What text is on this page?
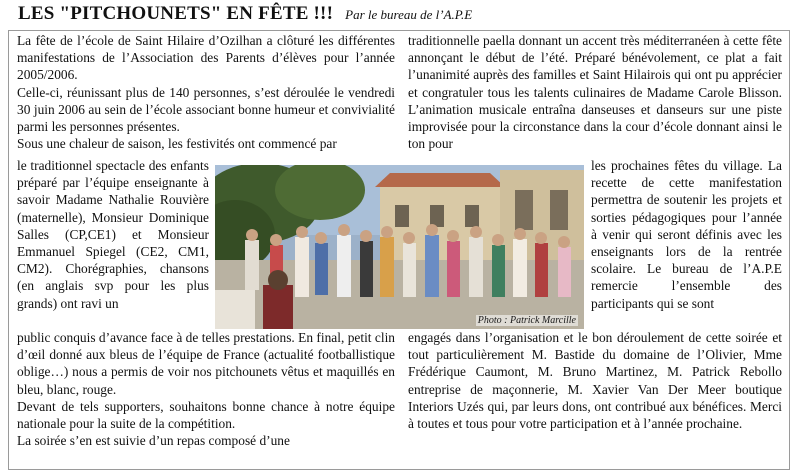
LES "PITCHOUNETS" EN FÊTE !!! Par le bureau de l’A.P.E

La fête de l’école de Saint Hilaire d’Ozilhan a clôturé les différentes manifestations de l’Association des Parents d’élèves pour l’année 2005/2006.

Celle-ci, réunissant plus de 140 personnes, s’est déroulée le vendredi 30 juin 2006 au sein de l’école associant bonne humeur et convivialité parmi les personnes présentes.

Sous une chaleur de saison, les festivités ont commencé par

le traditionnel spectacle des enfants préparé par l’équipe enseignante à savoir Madame Nathalie Rouvière (maternelle), Monsieur Dominique Salles (CP,CE1) et Monsieur Emmanuel Spiegel (CE2, CM1, CM2). Chorégraphies, chansons (en anglais svp pour les plus grands) ont ravi un

public conquis d’avance face à de telles prestations. En final, petit clin d’œil donné aux bleus de l’équipe de France (actualité footballistique oblige…) nous a permis de voir nos pitchounets vêtus et maquillés en bleu, blanc, rouge.

Devant de tels supporters, souhaitons bonne chance à notre équipe nationale pour la suite de la compétition.

La soirée s’en est suivie d’un repas composé d’une

traditionnelle paella donnant un accent très méditerranéen à cette fête annonçant le début de l’été. Préparé bénévolement, ce plat a fait l’unanimité auprès des familles et Saint Hilairois qui ont pu apprécier et congratuler tous les talents culinaires de Madame Carole Blisson. L’animation musicale entraîna danseuses et danseurs sur une piste improvisée pour la circonstance dans la cour d’école donnant ainsi le ton pour

les prochaines fêtes du village. La recette de cette manifestation permettra de soutenir les projets et sorties pédagogiques pour l’année à venir qui seront définis avec les enseignants lors de la rentrée scolaire. Le bureau de l’A.P.E remercie l’ensemble des participants qui se sont

engagés dans l’organisation et le bon déroulement de cette soirée et tout particulièrement M. Bastide du domaine de l’Olivier, Mme Frédérique Caumont, M. Bruno Martinez, M. Patrick Rebollo entreprise de maçonnerie, M. Xavier Van Der Meer boutique Interiors Uzés qui, par leurs dons, ont contribué aux bénéfices. Merci à toutes et tous pour votre participation et à l’année prochaine.

Photo : Patrick Marcille
